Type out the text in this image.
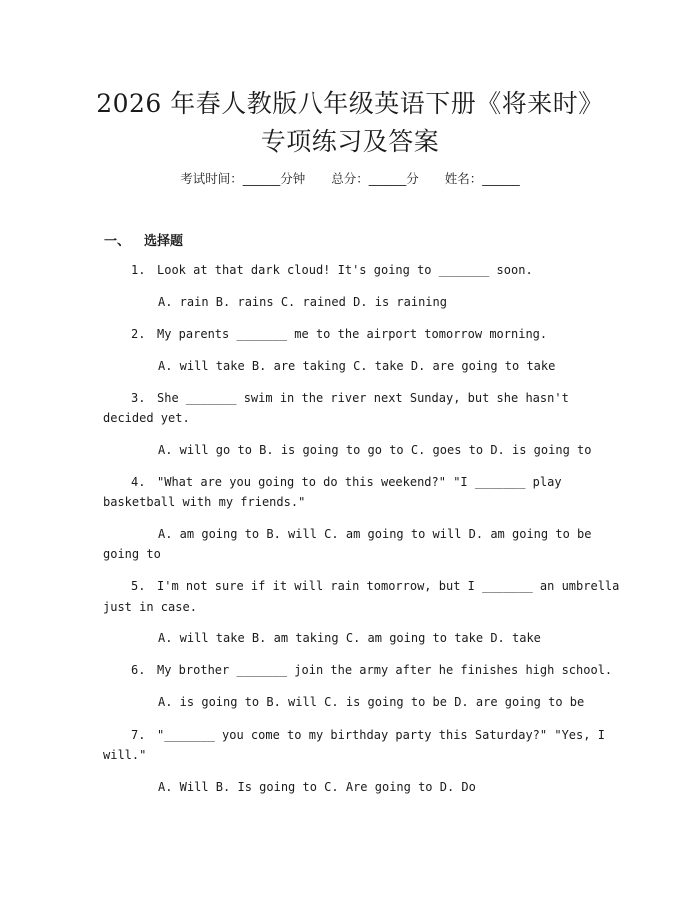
2026 年春人教版八年级英语下册《将来时》
专项练习及答案
考试时间：______分钟 总分：______分 姓名：______
一、 选择题
1. Look at that dark cloud! It's going to _______ soon.
A. rain B. rains C. rained D. is raining
2. My parents _______ me to the airport tomorrow morning.
A. will take B. are taking C. take D. are going to take
3. She _______ swim in the river next Sunday, but she hasn't
decided yet.
A. will go to B. is going to go to C. goes to D. is going to
4. "What are you going to do this weekend?" "I _______ play
basketball with my friends."
A. am going to B. will C. am going to will D. am going to be
going to
5. I'm not sure if it will rain tomorrow, but I _______ an umbrella
just in case.
A. will take B. am taking C. am going to take D. take
6. My brother _______ join the army after he finishes high school.
A. is going to B. will C. is going to be D. are going to be
7. "_______ you come to my birthday party this Saturday?" "Yes, I
will."
A. Will B. Is going to C. Are going to D. Do
